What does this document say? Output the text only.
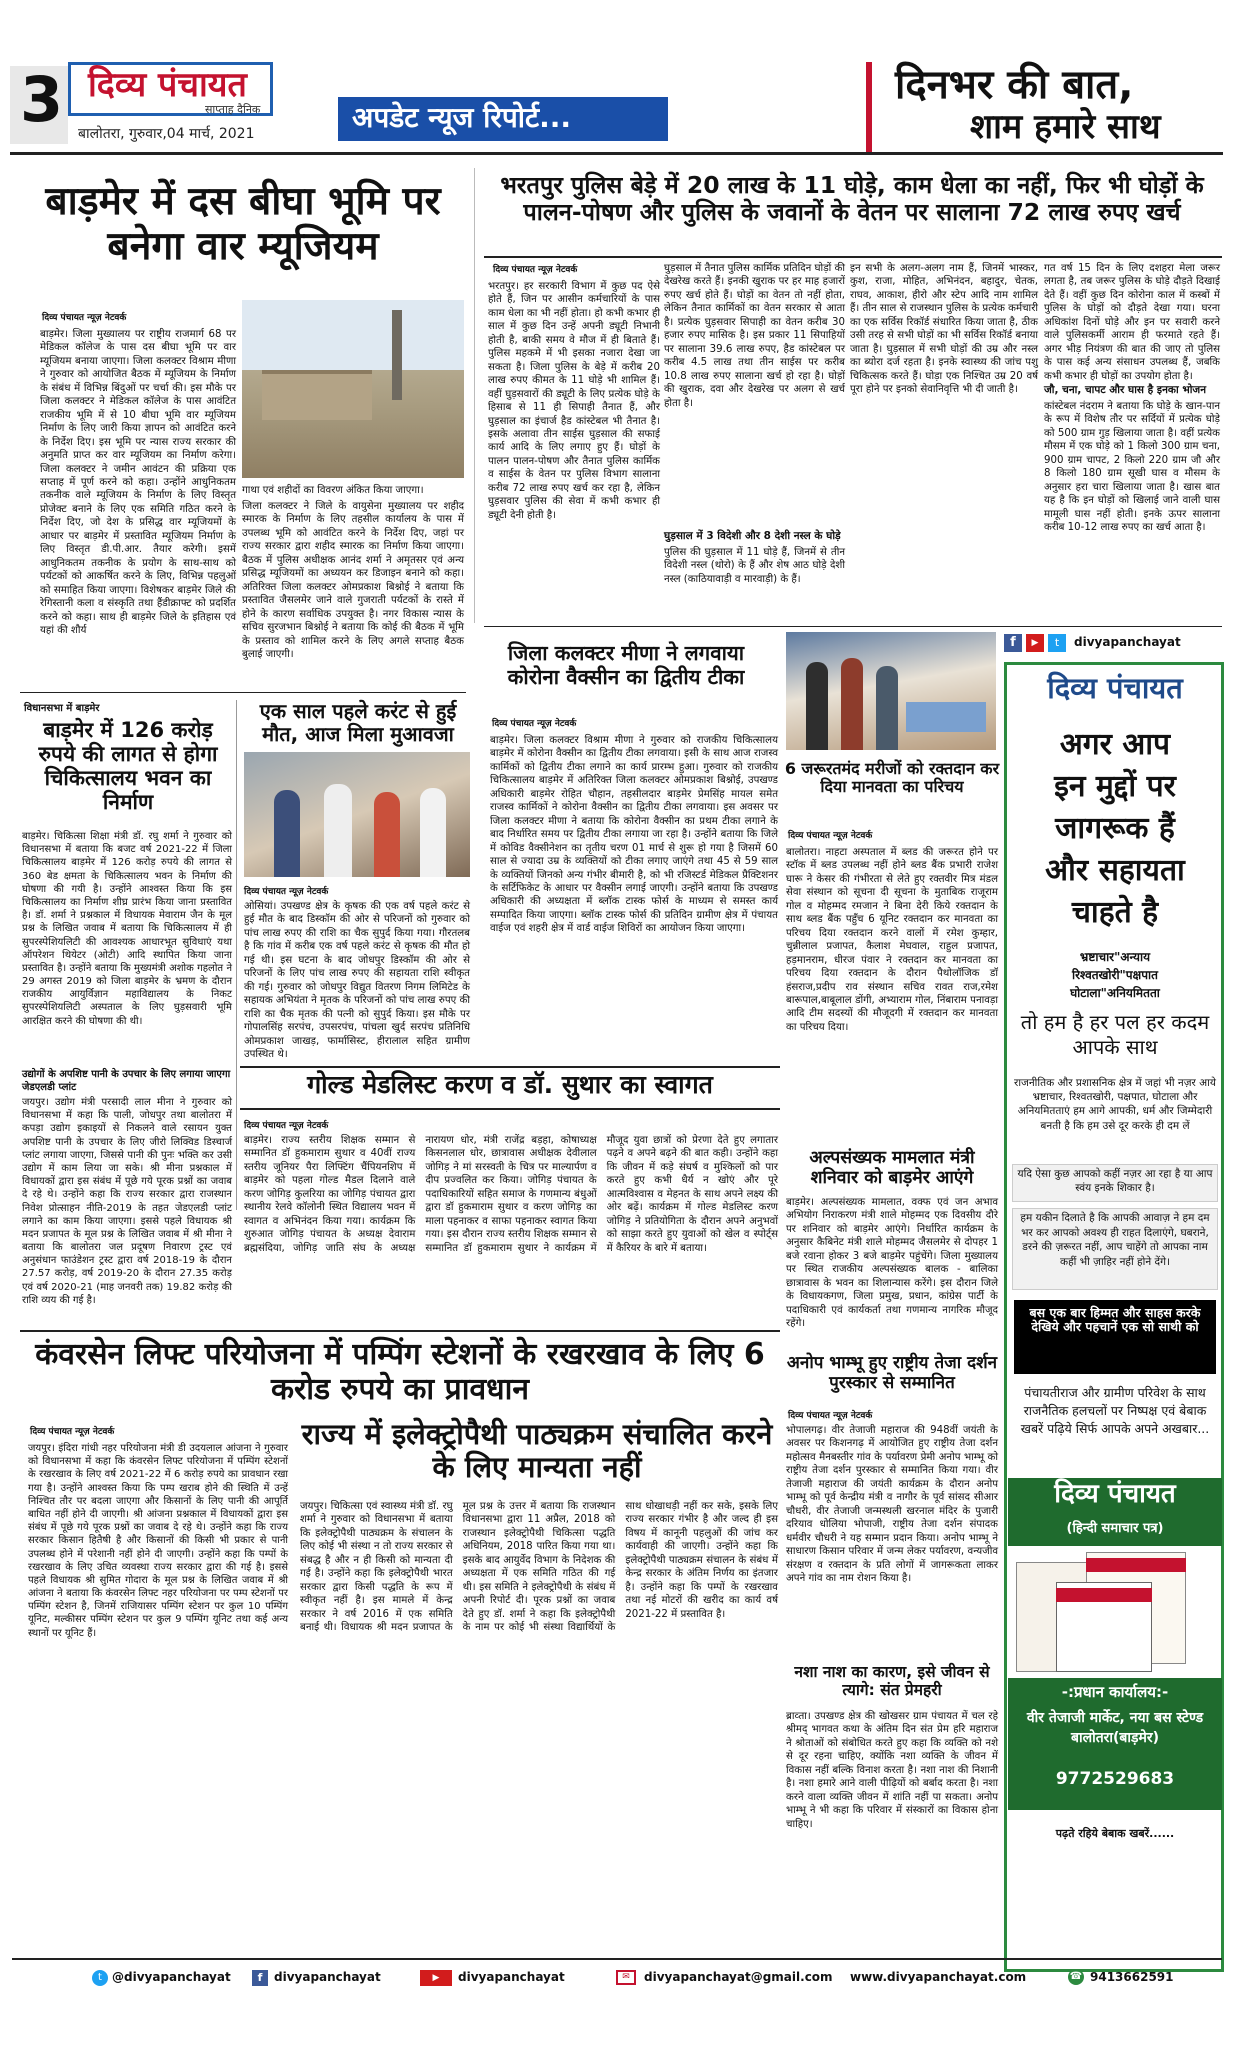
3 दिव्य पंचायत
साप्ताह दैनिक
बालोतरा, गुरुवार,04 मार्च, 2021	अपडेट न्यूज रिपोर्ट...
दिनभर की बात,
शाम हमारे साथ
बाड़मेर में दस बीघा भूमि पर बनेगा वार म्यूजियम
दिव्य पंचायत न्यूज़ नेटवर्क
बाड़मेर। जिला मुख्यालय पर राष्ट्रीय राजमार्ग 68 पर मेडिकल कॉलेज के पास दस बीघा भूमि पर वार म्यूजियम बनाया जाएगा। जिला कलक्टर विश्राम मीणा ने गुरुवार को आयोजित बैठक में म्यूजियम के निर्माण के संबंध में विभिन्न बिंदुओं पर चर्चा की। इस मौके पर जिला कलक्टर ने मेडिकल कॉलेज के पास आवंटित राजकीय भूमि में से 10 बीघा भूमि वार म्यूजियम निर्माण के लिए जारी किया ज्ञापन को आवंटित करने के निर्देश दिए। इस भूमि पर न्यास राज्य सरकार की अनुमति प्राप्त कर वार म्यूजियम का निर्माण करेगा। जिला कलक्टर ने जमीन आवंटन की प्रक्रिया एक सप्ताह में पूर्ण करने को कहा। उन्होंने आधुनिकतम तकनीक वाले म्यूजियम के निर्माण के लिए विस्तृत प्रोजेक्ट बनाने के लिए एक समिति गठित करने के निर्देश दिए, जो देश के प्रसिद्ध वार म्यूजियमों के आधार पर बाड़मेर में प्रस्तावित म्यूजियम निर्माण के लिए विस्तृत डी.पी.आर. तैयार करेगी। इसमें आधुनिकतम तकनीक के प्रयोग के साथ-साथ को पर्यटकों को आकर्षित करने के लिए, विभिन्न पहलुओं को समाहित किया जाएगा। विशेषकर बाड़मेर जिले की रेगिस्तानी कला व संस्कृति तथा हैंडीक्राफ्ट को प्रदर्शित करने को कहा। साथ ही बाड़मेर जिले के इतिहास एवं यहां की शौर्य
गाथा एवं शहीदों का विवरण अंकित किया जाएगा।
जिला कलक्टर ने जिले के वायुसेना मुख्यालय पर शहीद स्मारक के निर्माण के लिए तहसील कार्यालय के पास में उपलब्ध भूमि को आवंटित करने के निर्देश दिए, जहां पर राज्य सरकार द्वारा शहीद स्मारक का निर्माण किया जाएगा। बैठक में पुलिस अधीक्षक आनंद शर्मा ने अमृतसर एवं अन्य प्रसिद्ध म्यूजियमों का अध्ययन कर डिजाइन बनाने को कहा। अतिरिक्त जिला कलक्टर ओमप्रकाश बिश्नोई ने बताया कि प्रस्तावित जैसलमेर जाने वाले गुजराती पर्यटकों के रास्ते में होने के कारण सर्वाधिक उपयुक्त है। नगर विकास न्यास के सचिव सुरजभान बिश्नोई ने बताया कि कोई की बैठक में भूमि के प्रस्ताव को शामिल करने के लिए अगले सप्ताह बैठक बुलाई जाएगी।
भरतपुर पुलिस बेड़े में 20 लाख के 11 घोड़े, काम धेला का नहीं, फिर भी घोड़ों के पालन-पोषण और पुलिस के जवानों के वेतन पर सालाना 72 लाख रुपए खर्च
दिव्य पंचायत न्यूज़ नेटवर्क
भरतपुर। हर सरकारी विभाग में कुछ पद ऐसे होते हैं, जिन पर आसीन कर्मचारियों के पास काम धेला का भी नहीं होता। हो कभी कभार ही साल में कुछ दिन उन्हें अपनी ड्यूटी निभानी होती है, बाकी समय वे मौज में ही बिताते हैं। पुलिस महकमे में भी इसका नजारा देखा जा सकता है। जिला पुलिस के बेड़े में करीब 20 लाख रुपए कीमत के 11 घोड़े भी शामिल हैं। वहीं घुड़सवारों की ड्यूटी के लिए प्रत्येक घोड़े के हिसाब से 11 ही सिपाही तैनात हैं, और घुड़साल का इंचार्ज हैड कांस्टेबल भी तैनात है। इसके अलावा तीन साईस घुड़साल की सफाई कार्य आदि के लिए लगाए हुए हैं। घोड़ों के पालन पालन-पोषण और तैनात पुलिस कार्मिक व साईस के वेतन पर पुलिस विभाग सालाना करीब 72 लाख रुपए खर्च कर रहा है, लेकिन घुड़सवार पुलिस की सेवा में कभी कभार ही ड्यूटी देनी होती है।
घुड़साल में तैनात पुलिस कार्मिक प्रतिदिन घोड़ों की देखरेख करते हैं। इनकी खुराक पर हर माह हजारों रुपए खर्च होते हैं। घोड़ों का वेतन तो नहीं होता, लेकिन तैनात कार्मिकों का वेतन सरकार से आता है। प्रत्येक घुड़सवार सिपाही का वेतन करीब 30 हजार रुपए मासिक है। इस प्रकार 11 सिपाहियों पर सालाना 39.6 लाख रुपए, हैड कांस्टेबल पर करीब 4.5 लाख तथा तीन साईस पर करीब 10.8 लाख रुपए सालाना खर्च हो रहा है। घोड़ों की खुराक, दवा और देखरेख पर अलग से खर्च होता है।
घुड़साल में 3 विदेशी और 8 देशी नस्ल के घोड़े
पुलिस की घुड़साल में 11 घोड़े हैं, जिनमें से तीन विदेशी नस्ल (थोरो) के हैं और शेष आठ घोड़े देशी नस्ल (काठियावाड़ी व मारवाड़ी) के हैं।
इन सभी के अलग-अलग नाम हैं, जिनमें भास्कर, कुश, राजा, मोहित, अभिनंदन, बहादुर, चेतक, राघव, आकाश, हीरो और स्टेप आदि नाम शामिल हैं। तीन साल से राजस्थान पुलिस के प्रत्येक कर्मचारी का एक सर्विस रिकॉर्ड संधारित किया जाता है, ठीक उसी तरह से सभी घोड़ों का भी सर्विस रिकॉर्ड बनाया जाता है। घुड़साल में सभी घोड़ों की उम्र और नस्ल का ब्योरा दर्ज रहता है। इनके स्वास्थ्य की जांच पशु चिकित्सक करते हैं। घोड़ा एक निश्चित उम्र 20 वर्ष पूरा होने पर इनको सेवानिवृत्ति भी दी जाती है।
गत वर्ष 15 दिन के लिए दशहरा मेला जरूर लगता है, तब जरूर पुलिस के घोड़े दौड़ते दिखाई देते हैं। वहीं कुछ दिन कोरोना काल में कस्बों में पुलिस के घोड़ों को दौड़ते देखा गया। घरना अधिकांश दिनों घोड़े और इन पर सवारी करने वाले पुलिसकर्मी आराम ही फरमाते रहते हैं। अगर भीड़ नियंत्रण की बात की जाए तो पुलिस के पास कई अन्य संसाधन उपलब्ध हैं, जबकि कभी कभार ही घोड़ों का उपयोग होता है।
जौ, चना, चापट और घास है इनका भोजन
कांस्टेबल नंदराम ने बताया कि घोड़े के खान-पान के रूप में विशेष तौर पर सर्दियों में प्रत्येक घोड़े को 500 ग्राम गुड़ खिलाया जाता है। वहीं प्रत्येक मौसम में एक घोड़े को 1 किलो 300 ग्राम चना, 900 ग्राम चापट, 2 किलो 220 ग्राम जौ और 8 किलो 180 ग्राम सूखी घास व मौसम के अनुसार हरा चारा खिलाया जाता है। खास बात यह है कि इन घोड़ों को खिलाई जाने वाली घास मामूली घास नहीं होती। इनके ऊपर सालाना करीब 10-12 लाख रुपए का खर्च आता है।
f	▶	t	divyapanchayat
विधानसभा में बाड़मेर
बाड़मेर में 126 करोड़ रुपये की लागत से होगा चिकित्सालय भवन का निर्माण
बाड़मेर। चिकित्सा शिक्षा मंत्री डॉ. रघु शर्मा ने गुरुवार को विधानसभा में बताया कि बजट वर्ष 2021-22 में जिला चिकित्सालय बाड़मेर में 126 करोड़ रुपये की लागत से 360 बेड क्षमता के चिकित्सालय भवन के निर्माण की घोषणा की गयी है। उन्होंने आश्वस्त किया कि इस चिकित्सालय का निर्माण शीघ्र प्रारंभ किया जाना प्रस्तावित है। डॉ. शर्मा ने प्रश्नकाल में विधायक मेवाराम जैन के मूल प्रश्न के लिखित जवाब में बताया कि चिकित्सालय में ही सुपरस्पेशियलिटी की आवश्यक आधारभूत सुविधाएं यथा ऑपरेशन थियेटर (ओटी) आदि स्थापित किया जाना प्रस्तावित है। उन्होंने बताया कि मुख्यमंत्री अशोक गहलोत ने 29 अगस्त 2019 को जिला बाड़मेर के भ्रमण के दौरान राजकीय आयुर्विज्ञान महाविद्यालय के निकट सुपरस्पेशियलिटी अस्पताल के लिए घुड़सवारी भूमि आरक्षित करने की घोषणा की थी।
उद्योगों के अपशिष्ट पानी के उपचार के लिए लगाया जाएगा जेडएलडी प्लांट
जयपुर। उद्योग मंत्री परसादी लाल मीना ने गुरुवार को विधानसभा में कहा कि पाली, जोधपुर तथा बालोतरा में कपड़ा उद्योग इकाइयों से निकलने वाले रसायन युक्त अपशिष्ट पानी के उपचार के लिए जीरो लिक्विड डिस्चार्ज प्लांट लगाया जाएगा, जिससे पानी की पुनः भक्ति कर उसी उद्योग में काम लिया जा सके। श्री मीना प्रश्नकाल में विधायकों द्वारा इस संबंध में पूछे गये पूरक प्रश्नों का जवाब दे रहे थे। उन्होंने कहा कि राज्य सरकार द्वारा राजस्थान निवेश प्रोत्साहन नीति-2019 के तहत जेडएलडी प्लांट लगाने का काम किया जाएगा। इससे पहले विधायक श्री मदन प्रजापत के मूल प्रश्न के लिखित जवाब में श्री मीना ने बताया कि बालोतरा जल प्रदूषण निवारण ट्रस्ट एवं अनुसंधान फाउंडेशन ट्रस्ट द्वारा वर्ष 2018-19 के दौरान 27.57 करोड़, वर्ष 2019-20 के दौरान 27.35 करोड़ एवं वर्ष 2020-21 (माह जनवरी तक) 19.82 करोड़ की राशि व्यय की गई है।
एक साल पहले करंट से हुई मौत, आज मिला मुआवजा
दिव्य पंचायत न्यूज़ नेटवर्क
ओसियां। उपखण्ड क्षेत्र के कृषक की एक वर्ष पहले करंट से हुई मौत के बाद डिस्कॉम की ओर से परिजनों को गुरुवार को पांच लाख रुपए की राशि का चैक सुपुर्द किया गया। गौरतलब है कि गांव में करीब एक वर्ष पहले करंट से कृषक की मौत हो गई थी। इस घटना के बाद जोधपुर डिस्कॉम की ओर से परिजनों के लिए पांच लाख रुपए की सहायता राशि स्वीकृत की गई। गुरुवार को जोधपुर विद्युत वितरण निगम लिमिटेड के सहायक अभियंता ने मृतक के परिजनों को पांच लाख रुपए की राशि का चैक मृतक की पत्नी को सुपुर्द किया। इस मौके पर गोपालसिंह सरपंच, उपसरपंच, पांचला खुर्द सरपंच प्रतिनिधि ओमप्रकाश जाखड़, फार्मासिस्ट, हीरालाल सहित ग्रामीण उपस्थित थे।
जिला कलक्टर मीणा ने लगवाया कोरोना वैक्सीन का द्वितीय टीका
दिव्य पंचायत न्यूज़ नेटवर्क
बाड़मेर। जिला कलक्टर विश्राम मीणा ने गुरुवार को राजकीय चिकित्सालय बाड़मेर में कोरोना वैक्सीन का द्वितीय टीका लगवाया। इसी के साथ आज राजस्व कार्मिकों को द्वितीय टीका लगाने का कार्य प्रारम्भ हुआ। गुरुवार को राजकीय चिकित्सालय बाड़मेर में अतिरिक्त जिला कलक्टर ओमप्रकाश बिश्नोई, उपखण्ड अधिकारी बाड़मेर रोहित चौहान, तहसीलदार बाड़मेर प्रेमसिंह मायल समेत राजस्व कार्मिकों ने कोरोना वैक्सीन का द्वितीय टीका लगवाया। इस अवसर पर जिला कलक्टर मीणा ने बताया कि कोरोना वैक्सीन का प्रथम टीका लगाने के बाद निर्धारित समय पर द्वितीय टीका लगाया जा रहा है। उन्होंने बताया कि जिले में कोविड वैक्सीनेशन का तृतीय चरण 01 मार्च से शुरू हो गया है जिसमें 60 साल से ज्यादा उम्र के व्यक्तियों को टीका लगाए जाएंगे तथा 45 से 59 साल के व्यक्तियों जिनको अन्य गंभीर बीमारी है, को भी रजिस्टर्ड मेडिकल प्रैक्टिशनर के सर्टिफिकेट के आधार पर वैक्सीन लगाई जाएगी। उन्होंने बताया कि उपखण्ड अधिकारी की अध्यक्षता में ब्लॉक टास्क फोर्स के माध्यम से समस्त कार्य सम्पादित किया जाएगा। ब्लॉक टास्क फोर्स की प्रतिदिन ग्रामीण क्षेत्र में पंचायत वाईज एवं शहरी क्षेत्र में वार्ड वाईज शिविरों का आयोजन किया जाएगा।
6 जरूरतमंद मरीजों को रक्तदान कर दिया मानवता का परिचय
दिव्य पंचायत न्यूज़ नेटवर्क
बालोतरा। नाहटा अस्पताल में ब्लड की जरूरत होने पर स्टॉक में ब्लड उपलब्ध नहीं होने ब्लड बैंक प्रभारी राजेश घारू ने केसर की गंभीरता से लेते हुए रक्तवीर मित्र मंडल सेवा संस्थान को सूचना दी सूचना के मुताबिक राजूराम गोल व मोहम्मद रमजान ने बिना देरी किये रक्तदान के साथ ब्लड बैंक पहुँच 6 यूनिट रक्तदान कर मानवता का परिचय दिया रक्तदान करने वालों में रमेश कुम्हार, चुन्नीलाल प्रजापत, कैलाश मेघवाल, राहुल प्रजापत, हड़मानराम, धीरज पंवार ने रक्तदान कर मानवता का परिचय दिया रक्तदान के दौरान पैथोलॉजिक डॉ हंसराज,प्रदीप राव संस्थान सचिव रावत राज,रमेश बारूपाल,बाबूलाल डोंगी, अभ्याराम गोल, निंबाराम पनावड़ा आदि टीम सदस्यों की मौजूदगी में रक्तदान कर मानवता का परिचय दिया।
अल्पसंख्यक मामलात मंत्री शनिवार को बाड़मेर आएंगे
बाड़मेर। अल्पसंख्यक मामलात, वक्फ एवं जन अभाव अभियोग निराकरण मंत्री शाले मोहम्मद एक दिवसीय दौरे पर शनिवार को बाड़मेर आएंगे। निर्धारित कार्यक्रम के अनुसार कैबिनेट मंत्री शाले मोहम्मद जैसलमेर से दोपहर 1 बजे रवाना होकर 3 बजे बाड़मेर पहुंचेंगे। जिला मुख्यालय पर स्थित राजकीय अल्पसंख्यक बालक - बालिका छात्रावास के भवन का शिलान्यास करेंगे। इस दौरान जिले के विधायकगण, जिला प्रमुख, प्रधान, कांग्रेस पार्टी के पदाधिकारी एवं कार्यकर्ता तथा गणमान्य नागरिक मौजूद रहेंगे।
अनोप भाम्भू हुए राष्ट्रीय तेजा दर्शन पुरस्कार से सम्मानित
दिव्य पंचायत न्यूज़ नेटवर्क
भोपालगढ़। वीर तेजाजी महाराज की 948वीं जयंती के अवसर पर किशनगढ़ में आयोजित हुए राष्ट्रीय तेजा दर्शन महोत्सव मैनबस्तीर गांव के पर्यावरण प्रेमी अनोप भाम्भू को राष्ट्रीय तेजा दर्शन पुरस्कार से सम्मानित किया गया। वीर तेजाजी महाराज की जयंती कार्यक्रम के दौरान अनोप भाम्भू को पूर्व केन्द्रीय मंत्री व नागौर के पूर्व सांसद सीआर चौधरी, वीर तेजाजी जन्मस्थली खरनाल मंदिर के पुजारी दरियाव धोलिया भोपाजी, राष्ट्रीय तेजा दर्शन संपादक धर्मवीर चौधरी ने यह सम्मान प्रदान किया। अनोप भाम्भू ने साधारण किसान परिवार में जन्म लेकर पर्यावरण, वन्यजीव संरक्षण व रक्तदान के प्रति लोगों में जागरूकता लाकर अपने गांव का नाम रोशन किया है।
नशा नाश का कारण, इसे जीवन से त्यागे: संत प्रेमहरी
ब्राव्ता। उपखण्ड क्षेत्र की खोखसर ग्राम पंचायत में चल रहे श्रीमद् भागवत कथा के अंतिम दिन संत प्रेम हरि महाराज ने श्रोताओं को संबोधित करते हुए कहा कि व्यक्ति को नशे से दूर रहना चाहिए, क्योंकि नशा व्यक्ति के जीवन में विकास नहीं बल्कि विनाश करता है। नशा नाश की निशानी है। नशा हमारे आने वाली पीढ़ियों को बर्बाद करता है। नशा करने वाला व्यक्ति जीवन में शांति नहीं पा सकता। अनोप भाम्भू ने भी कहा कि परिवार में संस्कारों का विकास होना चाहिए।
गोल्ड मेडलिस्ट करण व डॉ. सुथार का स्वागत
दिव्य पंचायत न्यूज़ नेटवर्क
बाड़मेर। राज्य स्तरीय शिक्षक सम्मान से सम्मानित डॉ हुकमाराम सुथार व 40वीं राज्य स्तरीय जूनियर पैरा लिफ्टिंग चैंपियनशिप में बाड़मेर को पहला गोल्ड मैडल दिलाने वाले करण जोगिड़ कुलरिया का जोगिड़ पंचायत द्वारा स्थानीय रेलवे कॉलोनी स्थित विद्यालय भवन में स्वागत व अभिनंदन किया गया। कार्यक्रम कि शुरुआत जोगिड़ पंचायत के अध्यक्ष देवाराम ब्रह्मसंदिया, जोगिड़ जाति संघ के अध्यक्ष नारायण धोर, मंत्री राजेंद्र बड़हा, कोषाध्यक्ष किसनलाल धोर, छात्रावास अधीक्षक देवीलाल जोगिड़ ने मां सरस्वती के चित्र पर माल्यार्पण व दीप प्रज्वलित कर किया। जोगिड़ पंचायत के पदाधिकारियों सहित समाज के गणमान्य बंधुओं द्वारा डॉ हुकमाराम सुथार व करण जोगिड़ का माला पहनाकर व साफा पहनाकर स्वागत किया गया। इस दौरान राज्य स्तरीय शिक्षक सम्मान से सम्मानित डॉ हुकमाराम सुथार ने कार्यक्रम में मौजूद युवा छात्रों को प्रेरणा देते हुए लगातार पढ़ने व अपने बढ़ने की बात कही। उन्होंने कहा कि जीवन में कड़े संघर्ष व मुश्किलों को पार करते हुए कभी धैर्य न खोएं और पूरे आत्मविश्वास व मेहनत के साथ अपने लक्ष्य की ओर बढ़ें। कार्यक्रम में गोल्ड मेडलिस्ट करण जोगिड़ ने प्रतियोगिता के दौरान अपने अनुभवों को साझा करते हुए युवाओं को खेल व स्पोर्ट्स में कैरियर के बारे में बताया।
दिव्य पंचायत
अगर आप
इन मुद्दों पर
जागरूक हैं
और सहायता
चाहते है
भ्रष्टाचार"अन्याय
रिश्वतखोरी"पक्षपात
घोटाला"अनियमितता
तो हम है हर पल हर कदम आपके साथ
राजनीतिक और प्रशासनिक क्षेत्र में जहां भी नज़र आये भ्रष्टाचार, रिश्वतखोरी, पक्षपात, घोटाला और अनियमितताएं हम आगे आपकी, धर्म और जिम्मेदारी बनती है कि हम उसे दूर करके ही दम लें
यदि ऐसा कुछ आपको कहीं नज़र आ रहा है या आप स्वंय इनके शिकार है।
हम यकीन दिलाते है कि आपकी आवाज़ ने हम दम भर कर आपको अवश्य ही राहत दिलाएंगे, घबराने, डरने की ज़रूरत नहीं, आप चाहेंगे तो आपका नाम कहीं भी ज़ाहिर नहीं होने देंगे।
बस एक बार हिम्मत और साहस करके देखिये और पहचानें एक सो साथी को
पंचायतीराज और ग्रामीण परिवेश के साथ राजनैतिक हलचलों पर निष्पक्ष एवं बेबाक खबरें पढ़िये सिर्फ आपके अपने अखबार...
दिव्य पंचायत
(हिन्दी समाचार पत्र)
-:प्रधान कार्यालय:-
वीर तेजाजी मार्केट, नया बस स्टेण्ड बालोतरा(बाड़मेर)
9772529683
पढ़ते रहिये बेबाक खबरें......
कंवरसेन लिफ्ट परियोजना में पम्पिंग स्टेशनों के रखरखाव के लिए 6 करोड रुपये का प्रावधान
दिव्य पंचायत न्यूज़ नेटवर्क
जयपुर। इंदिरा गांधी नहर परियोजना मंत्री डी उदयलाल आंजना ने गुरुवार को विधानसभा में कहा कि कंवरसेन लिफ्ट परियोजना में पम्पिंग स्टेशनों के रखरखाव के लिए वर्ष 2021-22 में 6 करोड़ रुपये का प्रावधान रखा गया है। उन्होंने आश्वस्त किया कि पम्प खराब होने की स्थिति में उन्हें निश्चित तौर पर बदला जाएगा और किसानों के लिए पानी की आपूर्ति बाधित नहीं होने दी जाएगी। श्री आंजना प्रश्नकाल में विधायकों द्वारा इस संबंध में पूछे गये पूरक प्रश्नों का जवाब दे रहे थे। उन्होंने कहा कि राज्य सरकार किसान हितैषी है और किसानों की किसी भी प्रकार से पानी उपलब्ध होने में परेशानी नहीं होने दी जाएगी। उन्होंने कहा कि पम्पों के रखरखाव के लिए उचित व्यवस्था राज्य सरकार द्वारा की गई है। इससे पहले विधायक श्री सुमित गोदारा के मूल प्रश्न के लिखित जवाब में श्री आंजना ने बताया कि कंवरसेन लिफ्ट नहर परियोजना पर पम्प स्टेशनों पर पम्पिंग स्टेशन है, जिनमें राजियासर पम्पिंग स्टेशन पर कुल 10 पम्पिंग यूनिट, मल्कीसर पम्पिंग स्टेशन पर कुल 9 पम्पिंग यूनिट तथा कई अन्य स्थानों पर यूनिट हैं।
राज्य में इलेक्ट्रोपैथी पाठ्यक्रम संचालित करने के लिए मान्यता नहीं
जयपुर। चिकित्सा एवं स्वास्थ्य मंत्री डॉ. रघु शर्मा ने गुरुवार को विधानसभा में बताया कि इलेक्ट्रोपैथी पाठ्यक्रम के संचालन के लिए कोई भी संस्था न तो राज्य सरकार से संबद्ध है और न ही किसी को मान्यता दी गई है। उन्होंने कहा कि इलेक्ट्रोपैथी भारत सरकार द्वारा किसी पद्धति के रूप में स्वीकृत नहीं है। इस मामले में केन्द्र सरकार ने वर्ष 2016 में एक समिति बनाई थी। विधायक श्री मदन प्रजापत के मूल प्रश्न के उत्तर में बताया कि राजस्थान विधानसभा द्वारा 11 अप्रैल, 2018 को राजस्थान इलेक्ट्रोपैथी चिकित्सा पद्धति अधिनियम, 2018 पारित किया गया था। इसके बाद आयुर्वेद विभाग के निदेशक की अध्यक्षता में एक समिति गठित की गई थी। इस समिति ने इलेक्ट्रोपैथी के संबंध में अपनी रिपोर्ट दी। पूरक प्रश्नों का जवाब देते हुए डॉ. शर्मा ने कहा कि इलेक्ट्रोपैथी के नाम पर कोई भी संस्था विद्यार्थियों के साथ धोखाधड़ी नहीं कर सके, इसके लिए राज्य सरकार गंभीर है और जल्द ही इस विषय में कानूनी पहलुओं की जांच कर कार्यवाही की जाएगी। उन्होंने कहा कि इलेक्ट्रोपैथी पाठ्यक्रम संचालन के संबंध में केन्द्र सरकार के अंतिम निर्णय का इंतजार है। उन्होंने कहा कि पम्पों के रखरखाव तथा नई मोटरों की खरीद का कार्य वर्ष 2021-22 में प्रस्तावित है।
t @divyapanchayat	f divyapanchayat	▶	divyapanchayat	✉	divyapanchayat@gmail.com www.divyapanchayat.com	☎ 9413662591
